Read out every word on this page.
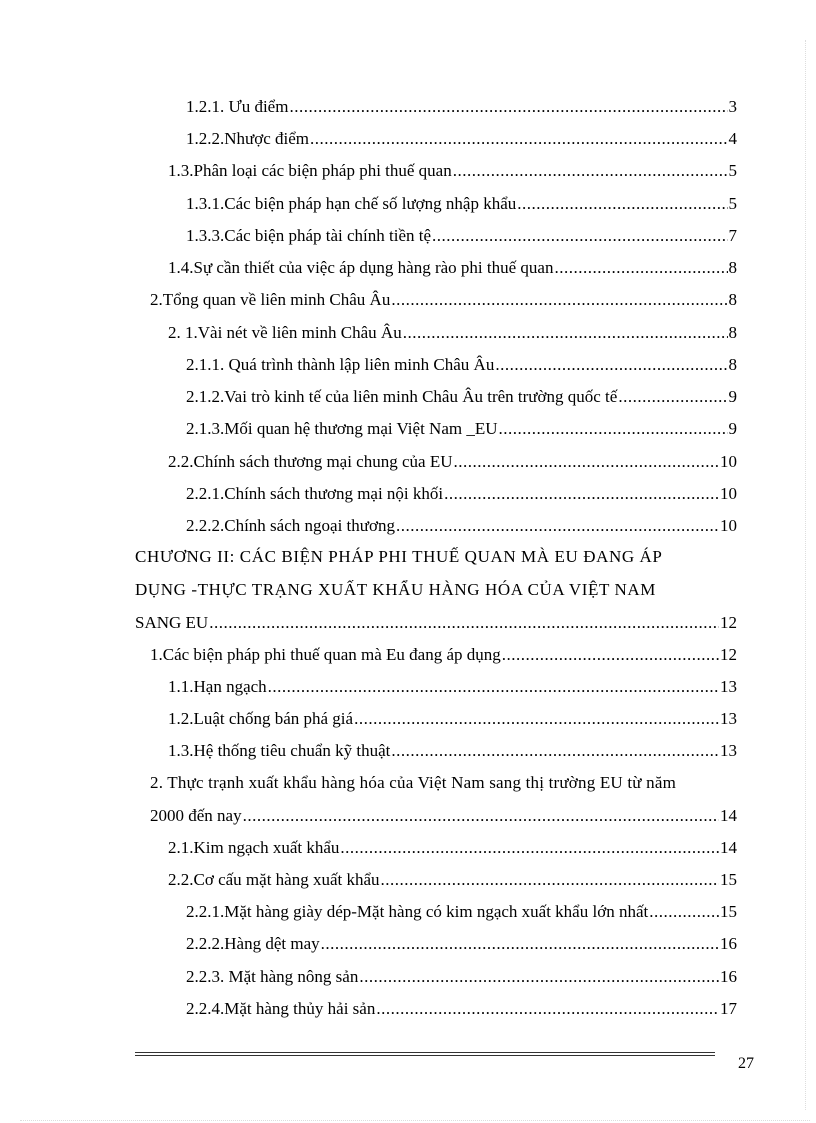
1.2.1. Ưu điểm .....	3
1.2.2.Nhược điểm .....	4
1.3.Phân loại các biện pháp phi thuế quan .....	5
1.3.1.Các biện pháp hạn chế số lượng nhập khẩu .....	5
1.3.3.Các biện pháp tài chính tiền tệ .....	7
1.4.Sự cần thiết của việc áp dụng hàng rào phi thuế quan .....	8
2.Tổng quan về liên minh Châu Âu .....	8
2. 1.Vài nét về liên minh Châu Âu .....	8
2.1.1. Quá trình thành lập liên minh Châu Âu .....	8
2.1.2.Vai trò kinh tế của liên minh Châu Âu trên trường quốc tế .....	9
2.1.3.Mối quan hệ thương mại Việt Nam _EU .....	9
2.2.Chính sách thương mại chung của EU .....	10
2.2.1.Chính sách thương mại nội khối .....	10
2.2.2.Chính sách ngoại thương .....	10
CHƯƠNG II: CÁC BIỆN PHÁP PHI THUẾ QUAN MÀ EU ĐANG ÁP
DỤNG -THỰC TRẠNG XUẤT KHẨU HÀNG HÓA CỦA VIỆT NAM
SANG EU .....	12
1.Các biện pháp phi thuế quan mà Eu đang áp dụng .....	12
1.1.Hạn ngạch .....	13
1.2.Luật chống bán phá giá .....	13
1.3.Hệ thống tiêu chuẩn kỹ thuật .....	13
2. Thực trạnh xuất khẩu hàng hóa của Việt Nam sang thị trường EU từ năm
2000 đến nay .....	14
2.1.Kim ngạch xuất khẩu .....	14
2.2.Cơ cấu mặt hàng xuất khẩu .....	15
2.2.1.Mặt hàng giày dép-Mặt hàng có kim ngạch xuất khẩu lớn nhất .....	15
2.2.2.Hàng dệt may .....	16
2.2.3. Mặt hàng nông sản .....	16
2.2.4.Mặt hàng thủy hải sản .....	17
27
